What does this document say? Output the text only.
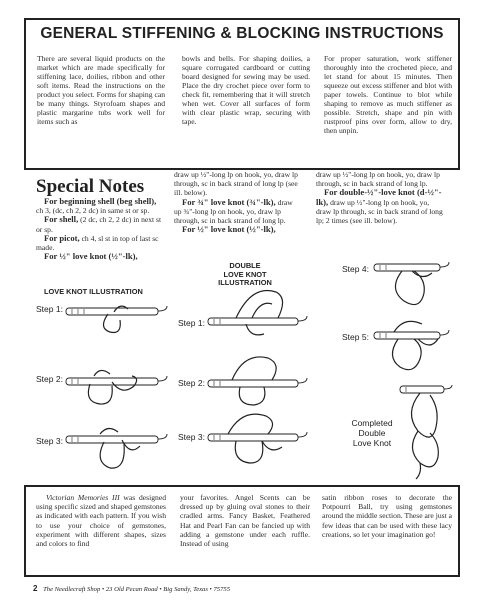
GENERAL STIFFENING & BLOCKING INSTRUCTIONS

There are several liquid products on the market which are made specifically for stiffening lace, doilies, ribbon and other soft items. Read the instructions on the product you select. Forms for shaping can be many things. Styrofoam shapes and plastic margarine tubs work well for items such as

bowls and bells. For shaping doilies, a square corrugated cardboard or cutting board designed for sewing may be used. Place the dry crochet piece over form to check fit, remembering that it will stretch when wet. Cover all surfaces of form with clear plastic wrap, securing with tape.

For proper saturation, work stiffener thoroughly into the crocheted piece, and let stand for about 15 minutes. Then squeeze out excess stiffener and blot with paper towels. Continue to blot while shaping to remove as much stiffener as possible. Stretch, shape and pin with rustproof pins over form, allow to dry, then unpin.

Special Notes

For beginning shell (beg shell), ch 3, (dc, ch 2, 2 dc) in same st or sp.

For shell, (2 dc, ch 2, 2 dc) in next st or sp.

For picot, ch 4, sl st in top of last sc made.

For ½" love knot (½"-lk),

draw up ½"-long lp on hook, yo, draw lp through, sc in back strand of long lp (see ill. below).

For ¾" love knot (¾"-lk), draw up ¾"-long lp on hook, yo, draw lp through, sc in back strand of long lp.

For ½" love knot (½"-lk),

draw up ½"-long lp on hook, yo, draw lp through, sc in back strand of long lp.

For double-½"-love knot (d-½"-lk), draw up ½"-long lp on hook, yo, draw lp through, sc in back strand of long lp; 2 times (see ill. below).

LOVE KNOT ILLUSTRATION
DOUBLE
LOVE KNOT
ILLUSTRATION
Step 1:
Step 2:
Step 3:
Step 1:
Step 2:
Step 3:
Step 4:
Step 5:
Completed
Double
Love Knot

Victorian Memories III was designed using specific sized and shaped gemstones as indicated with each pattern. If you wish to use your choice of gemstones, experiment with different shapes, sizes and colors to find

your favorites. Angel Scents can be dressed up by gluing oval stones to their cradled arms. Fancy Basket, Feathered Hat and Pearl Fan can be fancied up with adding a gemstone under each ruffle. Instead of using

satin ribbon roses to decorate the Potpourri Ball, try using gemstones around the middle section. These are just a few ideas that can be used with these lacy creations, so let your imagination go!

2 The Needlecraft Shop • 23 Old Pecan Road • Big Sandy, Texas • 75755
